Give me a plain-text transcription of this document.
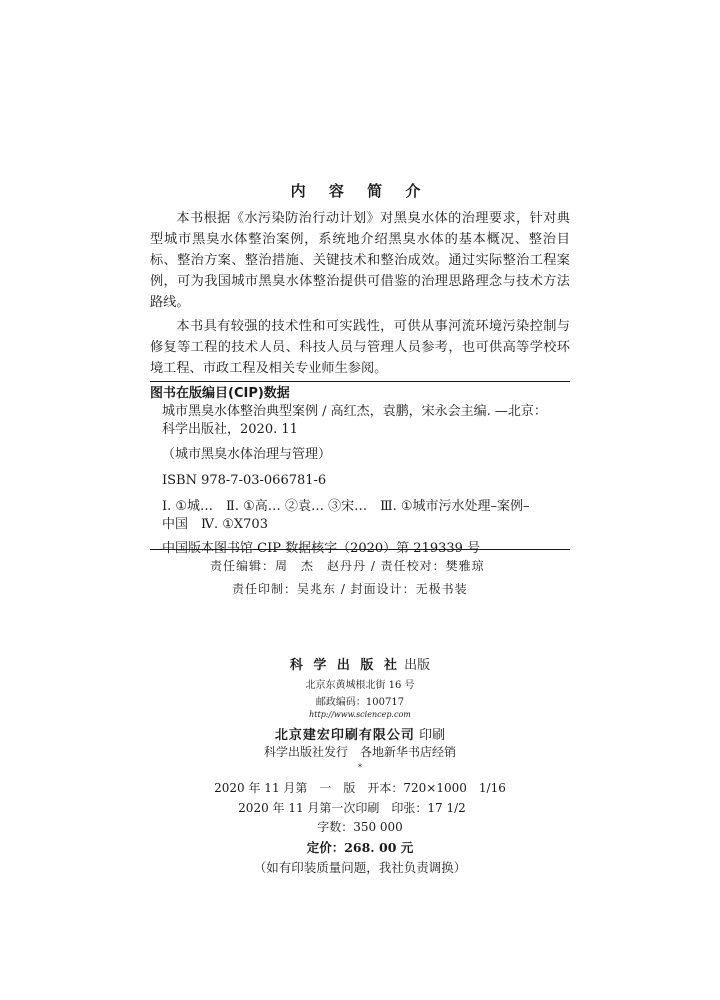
内 容 简 介

本书根据《水污染防治行动计划》对黑臭水体的治理要求，针对典型城市黑臭水体整治案例，系统地介绍黑臭水体的基本概况、整治目标、整治方案、整治措施、关键技术和整治成效。通过实际整治工程案例，可为我国城市黑臭水体整治提供可借鉴的治理思路理念与技术方法路线。

本书具有较强的技术性和可实践性，可供从事河流环境污染控制与修复等工程的技术人员、科技人员与管理人员参考，也可供高等学校环境工程、市政工程及相关专业师生参阅。

图书在版编目(CIP)数据
城市黑臭水体整治典型案例 / 高红杰，袁鹏，宋永会主编. —北京：
科学出版社，2020. 11
（城市黑臭水体治理与管理）
ISBN 978-7-03-066781-6
Ⅰ. ①城…　Ⅱ. ①高… ②袁… ③宋…　Ⅲ. ①城市污水处理–案例–
中国　Ⅳ. ①X703
中国版本图书馆 CIP 数据核字（2020）第 219339 号
责任编辑：周　杰　赵丹丹 / 责任校对：樊雅琼
责任印制：吴兆东 / 封面设计：无极书装
科 学 出 版 社 出版
北京东黄城根北街 16 号
邮政编码：100717
http://www.sciencep.com
北京建宏印刷有限公司 印刷
科学出版社发行　各地新华书店经销
*
2020 年 11 月第　一　版　开本：720×1000　1/16
2020 年 11 月第一次印刷　印张：17 1/2
字数：350 000
定价：268. 00 元
（如有印装质量问题，我社负责调换）
